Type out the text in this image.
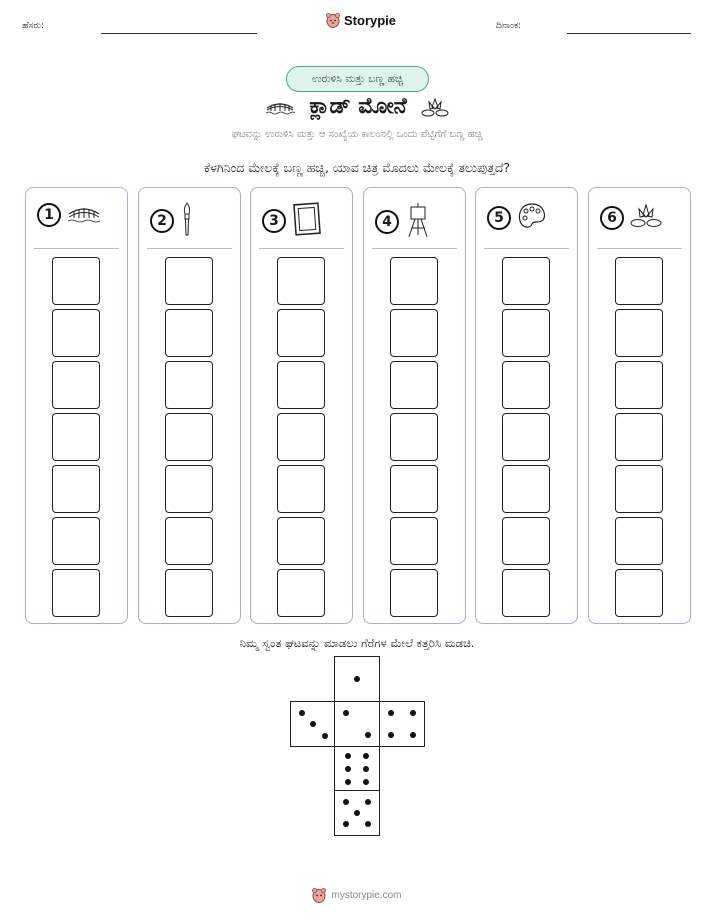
ಹೆಸರು:	Storypie	ದಿನಾಂಕ:
ಉರುಳಿಸಿ ಮತ್ತು ಬಣ್ಣ ಹಚ್ಚಿ
ಕ್ಲಾಡ್ ಮೋನೆ
ಘಟವನ್ನು ಉರುಳಿಸಿ ಮತ್ತು ಆ ಸಂಖ್ಯೆಯ ಕಾಲಂನಲ್ಲಿ ಒಂದು ಪೆಟ್ಟಿಗೆಗೆ ಬಣ್ಣ ಹಚ್ಚಿ
ಕೆಳಗಿನಿಂದ ಮೇಲಕ್ಕೆ ಬಣ್ಣ ಹಚ್ಚಿ, ಯಾವ ಚಿತ್ರ ಮೊದಲು ಮೇಲಕ್ಕೆ ತಲುಪುತ್ತದೆ?
1	2	3	4	5	6
ನಿಮ್ಮ ಸ್ವಂತ ಘಟವನ್ನು ಮಾಡಲು ಗೆರೆಗಳ ಮೇಲೆ ಕತ್ತರಿಸಿ ಮಡಚಿ.
mystorypie.com
